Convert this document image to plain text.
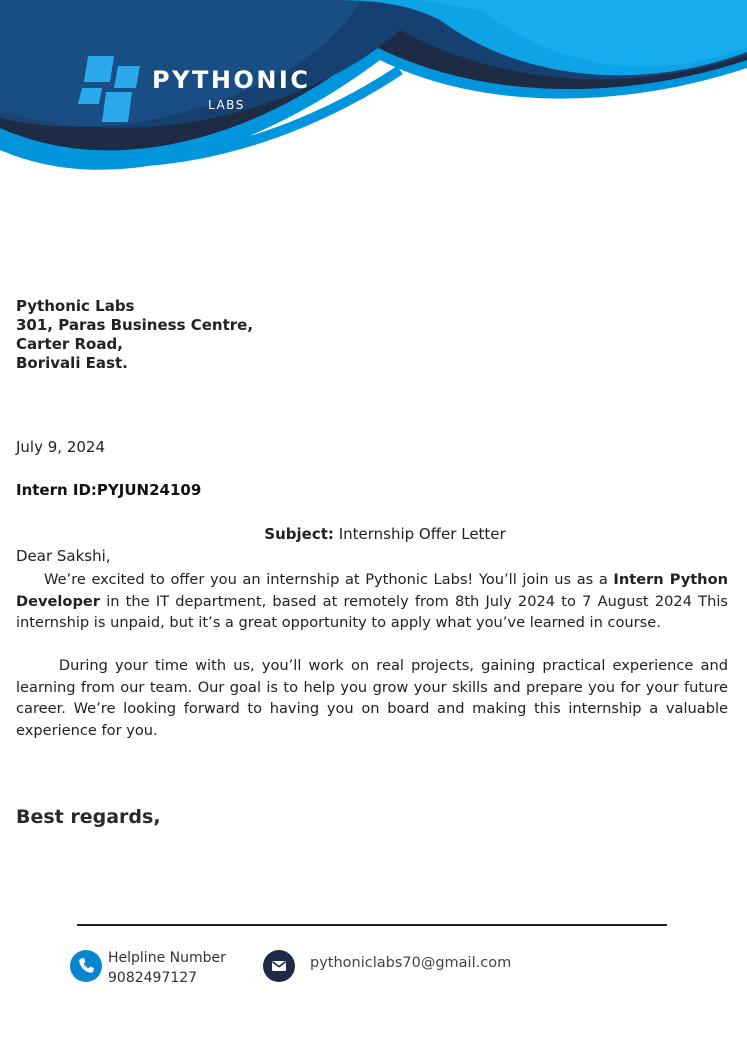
PYTHONIC
LABS
Pythonic Labs
301, Paras Business Centre,
Carter Road,
Borivali East.
July 9, 2024
Intern ID:PYJUN24109
Subject: Internship Offer Letter
Dear Sakshi,
We’re excited to offer you an internship at Pythonic Labs! You’ll join us as a Intern Python Developer in the IT department, based at remotely from 8th July 2024 to 7 August 2024 This internship is unpaid, but it’s a great opportunity to apply what you’ve learned in course.
During your time with us, you’ll work on real projects, gaining practical experience and learning from our team. Our goal is to help you grow your skills and prepare you for your future career. We’re looking forward to having you on board and making this internship a valuable experience for you.
Best regards,
Helpline Number
9082497127
pythoniclabs70@gmail.com
